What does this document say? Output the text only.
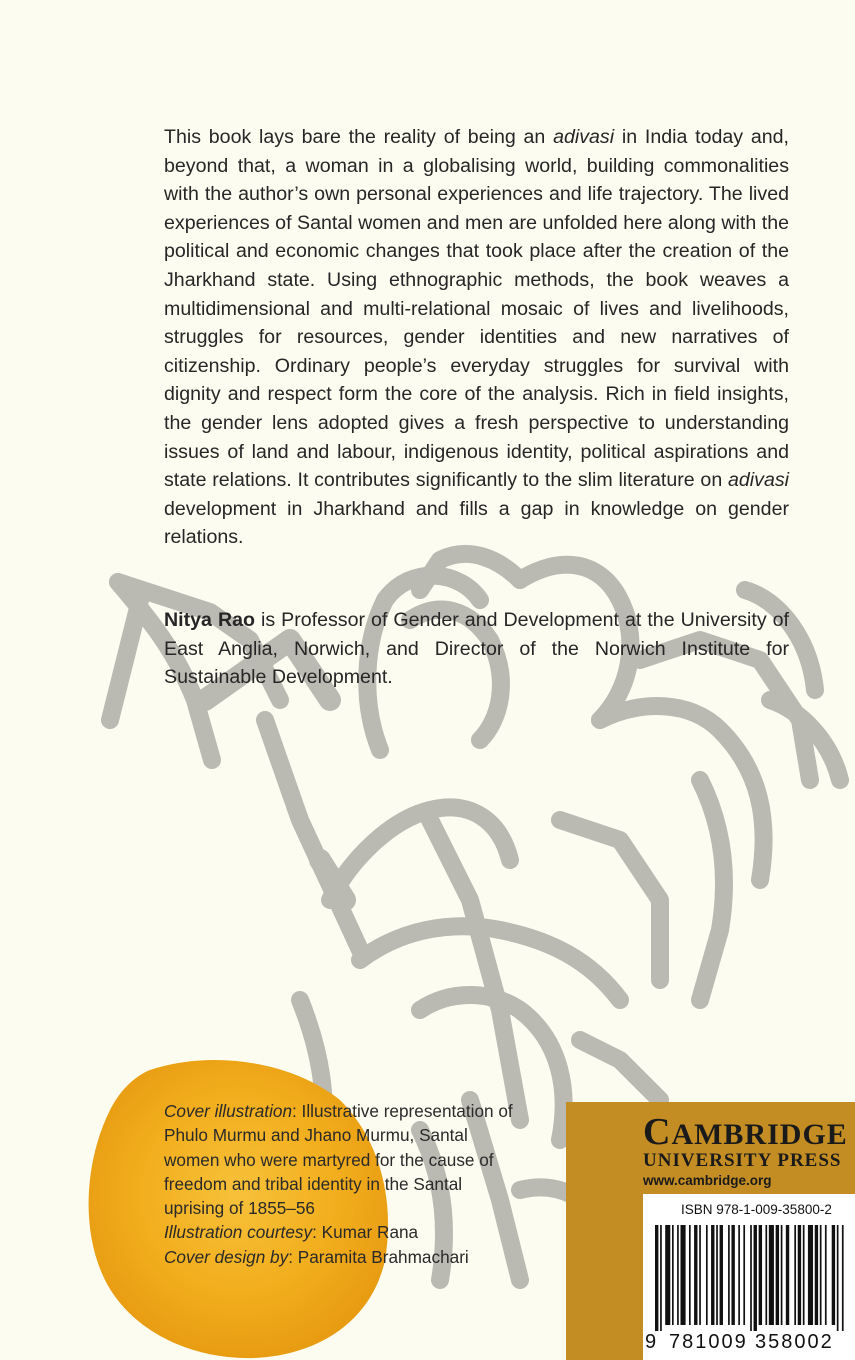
This book lays bare the reality of being an adivasi in India today and, beyond that, a woman in a globalising world, building commonalities with the author’s own personal experiences and life trajectory. The lived experiences of Santal women and men are unfolded here along with the political and economic changes that took place after the creation of the Jharkhand state. Using ethnographic methods, the book weaves a multidimensional and multi-relational mosaic of lives and livelihoods, struggles for resources, gender identities and new narratives of citizenship. Ordinary people’s everyday struggles for survival with dignity and respect form the core of the analysis. Rich in field insights, the gender lens adopted gives a fresh perspective to understanding issues of land and labour, indigenous identity, political aspirations and state relations. It contributes significantly to the slim literature on adivasi development in Jharkhand and fills a gap in knowledge on gender relations.

Nitya Rao is Professor of Gender and Development at the University of East Anglia, Norwich, and Director of the Norwich Institute for Sustainable Development.

Cover illustration: Illustrative representation of Phulo Murmu and Jhano Murmu, Santal women who were martyred for the cause of freedom and tribal identity in the Santal uprising of 1855–56

Illustration courtesy: Kumar Rana

Cover design by: Paramita Brahmachari

CAMBRIDGE
UNIVERSITY PRESS
www.cambridge.org
ISBN 978-1-009-35800-2
9 781009 358002
